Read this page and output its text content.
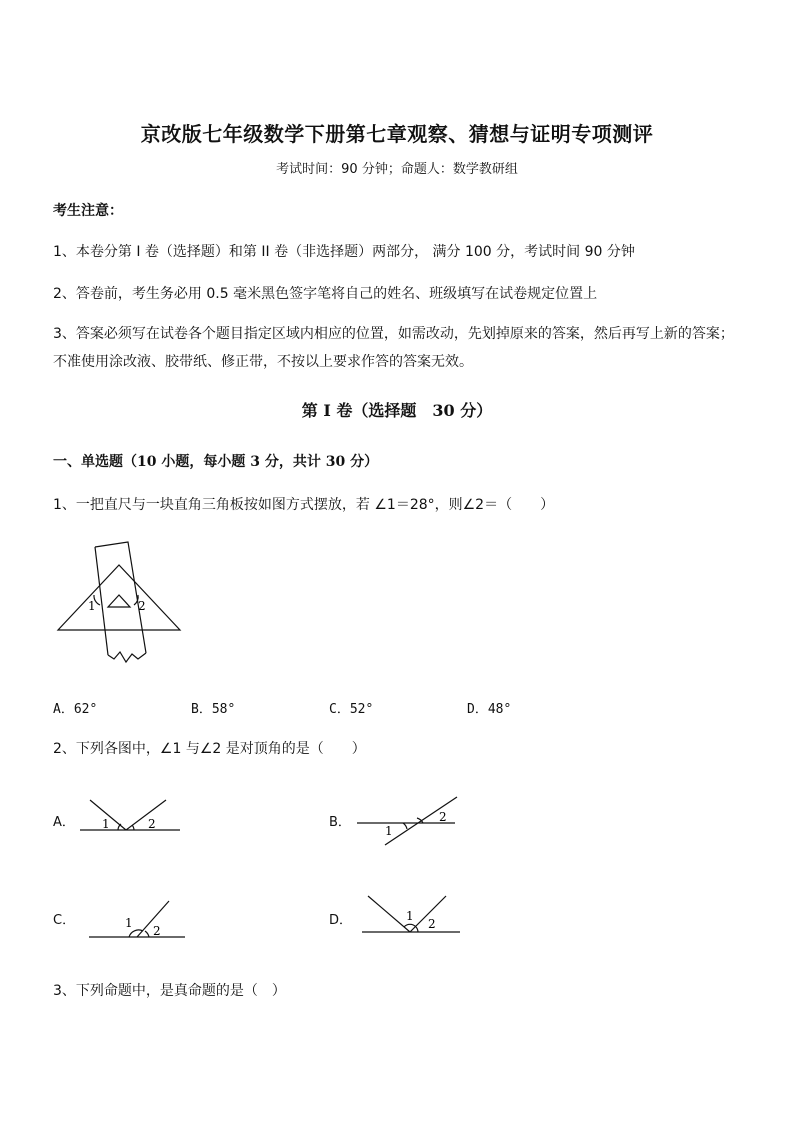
京改版七年级数学下册第七章观察、猜想与证明专项测评
考试时间：90 分钟；命题人：数学教研组
考生注意：
1、本卷分第 I 卷（选择题）和第 II 卷（非选择题）两部分， 满分 100 分，考试时间 90 分钟
2、答卷前，考生务必用 0.5 毫米黑色签字笔将自己的姓名、班级填写在试卷规定位置上
3、答案必须写在试卷各个题目指定区域内相应的位置，如需改动，先划掉原来的答案，然后再写上新的答案；不准使用涂改液、胶带纸、修正带，不按以上要求作答的答案无效。
第 I 卷（选择题　30 分）
一、单选题（10 小题，每小题 3 分，共计 30 分）
1、一把直尺与一块直角三角板按如图方式摆放，若 ∠1＝28°，则∠2＝（　　）
1	2
A．62°	B．58°	C．52°	D．48°
2、下列各图中，∠1 与∠2 是对顶角的是（　　）
A． 1	2	B．
1
2
C．	1
2
D．	1
2
3、下列命题中，是真命题的是（　）
